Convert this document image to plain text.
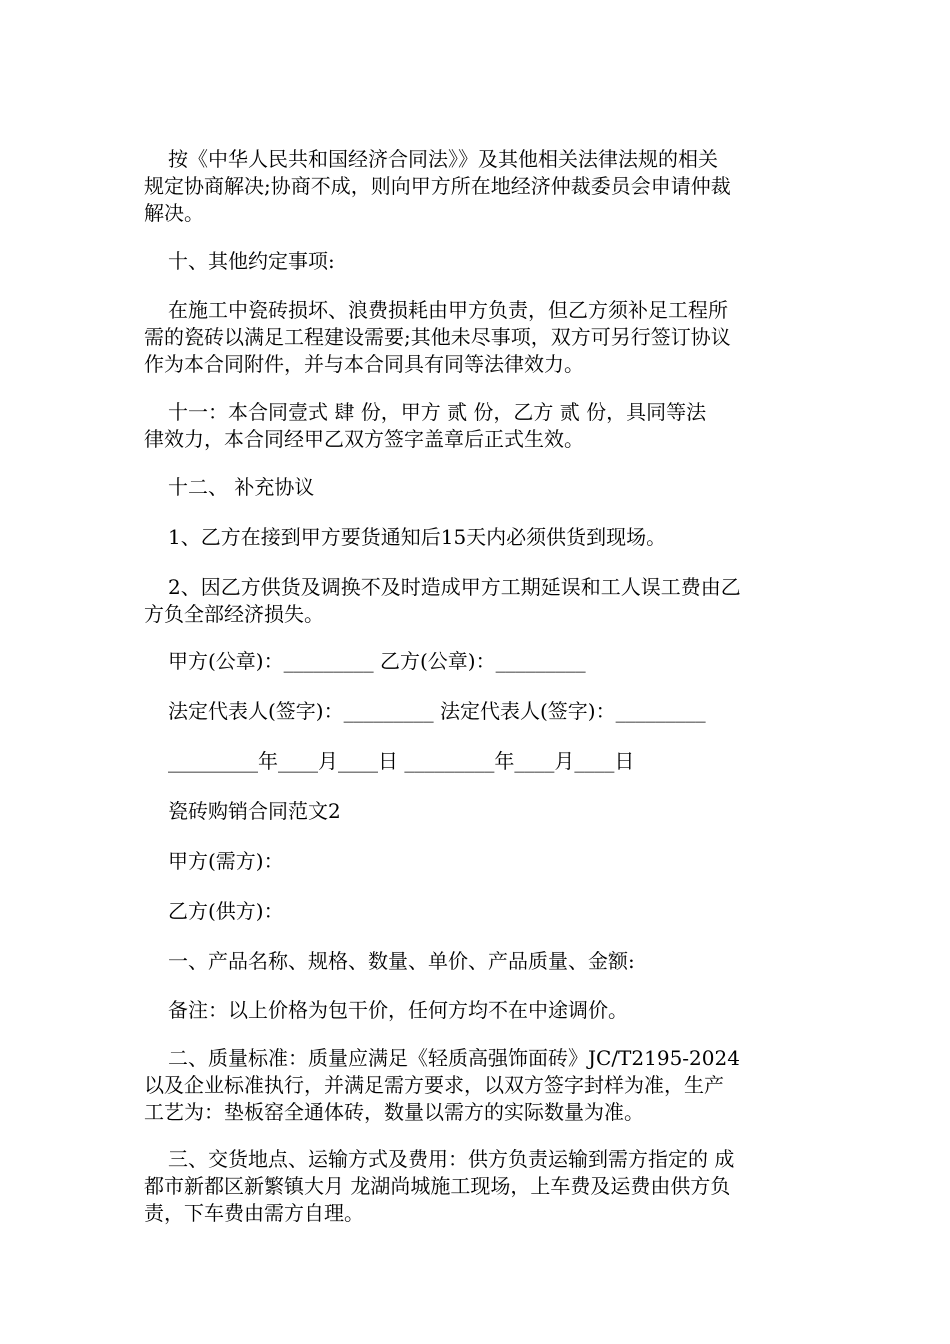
按《中华人民共和国经济合同法》》及其他相关法律法规的相关
规定协商解决;协商不成，则向甲方所在地经济仲裁委员会申请仲裁
解决。
十、其他约定事项:
在施工中瓷砖损坏、浪费损耗由甲方负责，但乙方须补足工程所
需的瓷砖以满足工程建设需要;其他未尽事项，双方可另行签订协议
作为本合同附件，并与本合同具有同等法律效力。
十一：本合同壹式 肆 份，甲方 贰 份，乙方 贰 份，具同等法
律效力，本合同经甲乙双方签字盖章后正式生效。
十二、 补充协议
1、乙方在接到甲方要货通知后15天内必须供货到现场。
2、因乙方供货及调换不及时造成甲方工期延误和工人误工费由乙
方负全部经济损失。
甲方(公章)：_________ 乙方(公章)：_________
法定代表人(签字)：_________ 法定代表人(签字)：_________
_________年____月____日 _________年____月____日
瓷砖购销合同范文2
甲方(需方)：
乙方(供方)：
一、产品名称、规格、数量、单价、产品质量、金额:
备注：以上价格为包干价，任何方均不在中途调价。
二、质量标准：质量应满足《轻质高强饰面砖》JC/T2195-2024
以及企业标准执行，并满足需方要求，以双方签字封样为准，生产
工艺为：垫板窑全通体砖，数量以需方的实际数量为准。
三、交货地点、运输方式及费用：供方负责运输到需方指定的 成
都市新都区新繁镇大月 龙湖尚城施工现场，上车费及运费由供方负
责，下车费由需方自理。
